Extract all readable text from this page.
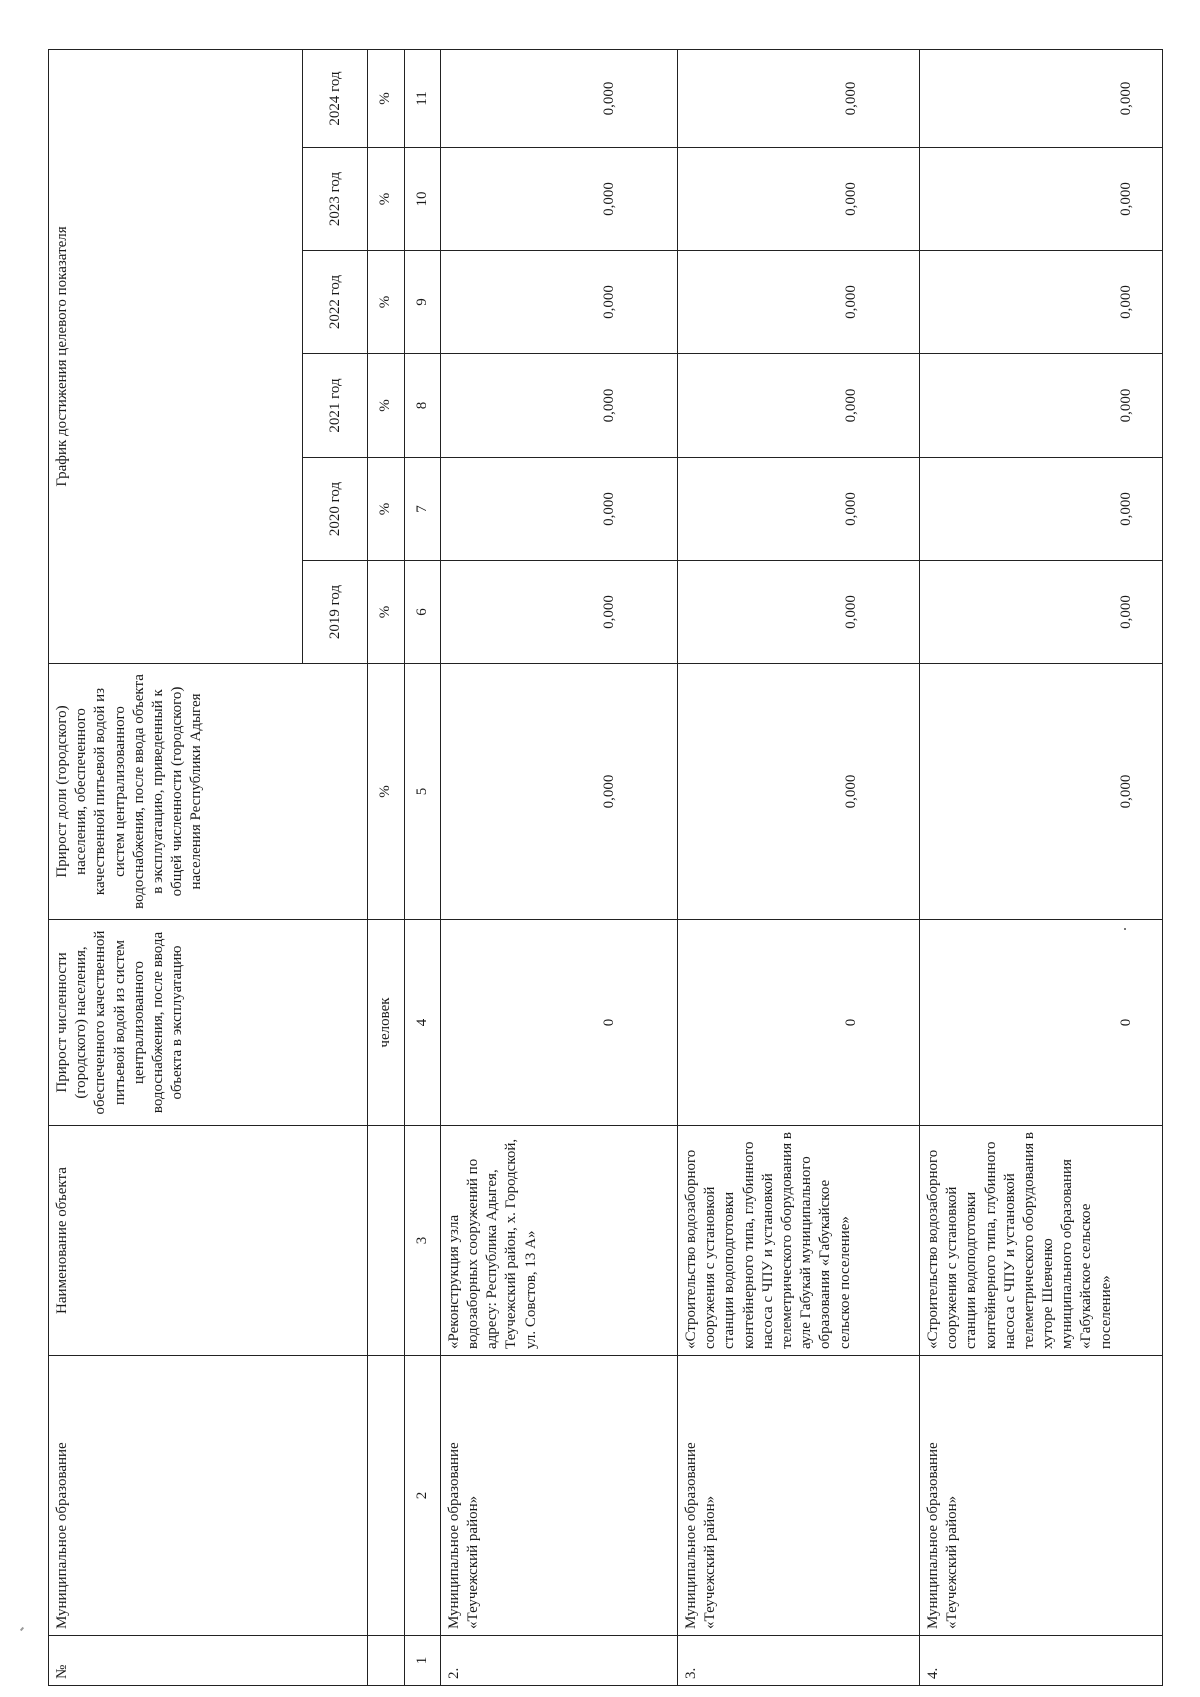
№	Муниципальное образование	Наименование объекта	Прирост численности (городского) населения, обеспеченного качественной питьевой водой из систем централизованного водоснабжения, после ввода объекта в эксплуатацию	Прирост доли (городского) населения, обеспеченного качественной питьевой водой из систем централизованного водоснабжения, после ввода объекта в эксплуатацию, приведенный к общей численности (городского) населения Республики Адыгея	График достижения целевого показателя					
					2019 год	2020 год	2021 год	2022 год	2023 год	2024 год
			человек	%	%	%	%	%	%	%
1	2	3	4	5	6	7	8	9	10	11
2.	Муниципальное образование «Теучежский район»	«Реконструкция узла водозаборных сооружений по адресу: Республика Адыгея, Теучежский район, х. Городской, ул. Совстов, 13 А»	0	0,000	0,000	0,000	0,000	0,000	0,000	0,000
3.	Муниципальное образование «Теучежский район»	«Строительство водозаборного сооружения с установкой станции водоподготовки контейнерного типа, глубинного насоса с ЧПУ и установкой телеметрического оборудования в ауле Габукай муниципального образования «Габукайское сельское поселение»	0	0,000	0,000	0,000	0,000	0,000	0,000	0,000
4.	Муниципальное образование «Теучежский район»	«Строительство водозаборного сооружения с установкой станции водоподготовки контейнерного типа, глубинного насоса с ЧПУ и установкой телеметрического оборудования в хуторе Шевченко муниципального образования «Габукайское сельское поселение»	0	0,000	0,000	0,000	0,000	0,000	0,000	0,000
